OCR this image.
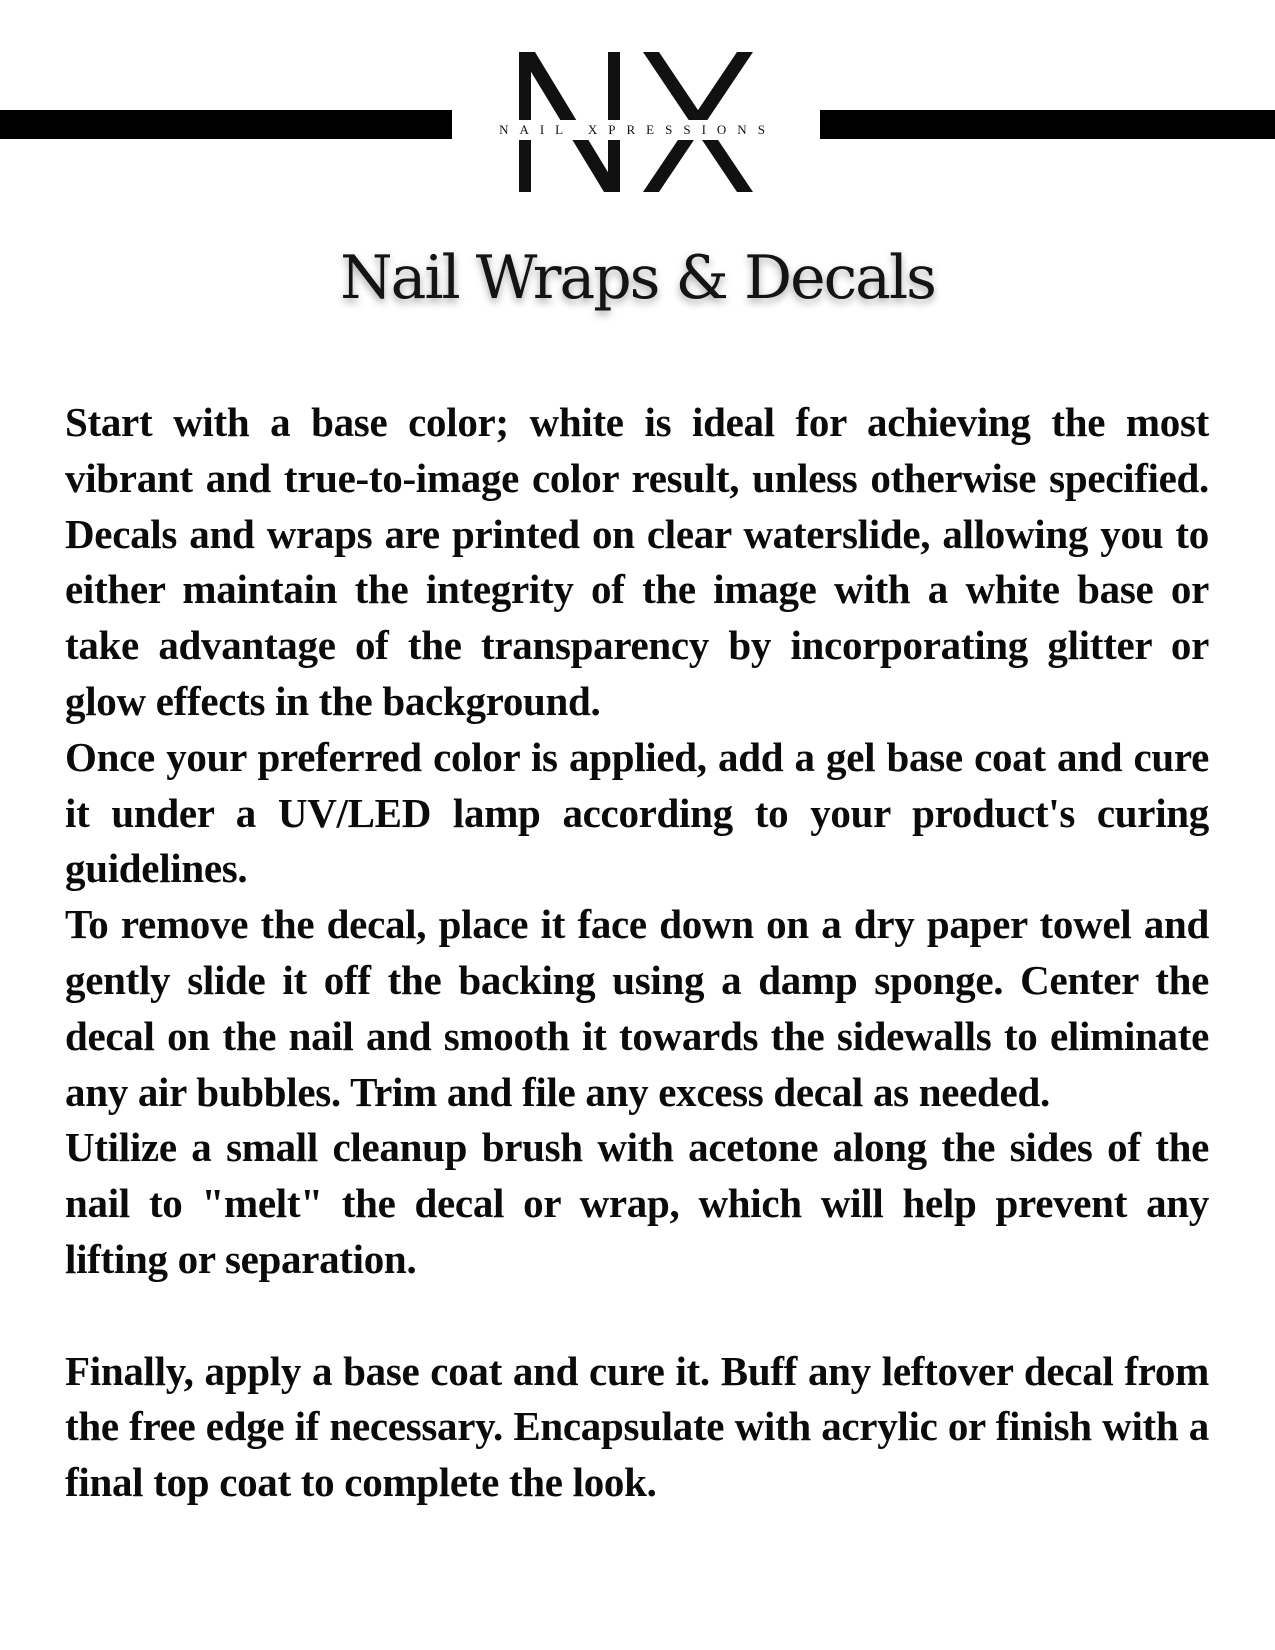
NAIL XPRESSIONS
Nail Wraps & Decals

Start with a base color; white is ideal for achieving the most vibrant and true-to-image color result, unless otherwise specified. Decals and wraps are printed on clear waterslide, allowing you to either maintain the integrity of the image with a white base or take advantage of the transparency by incorporating glitter or glow effects in the background.

Once your preferred color is applied, add a gel base coat and cure it under a UV/LED lamp according to your product's curing guidelines.

To remove the decal, place it face down on a dry paper towel and gently slide it off the backing using a damp sponge. Center the decal on the nail and smooth it towards the sidewalls to eliminate any air bubbles. Trim and file any excess decal as needed.

Utilize a small cleanup brush with acetone along the sides of the nail to "melt" the decal or wrap, which will help prevent any lifting or separation.

Finally, apply a base coat and cure it. Buff any leftover decal from the free edge if necessary. Encapsulate with acrylic or finish with a final top coat to complete the look.
